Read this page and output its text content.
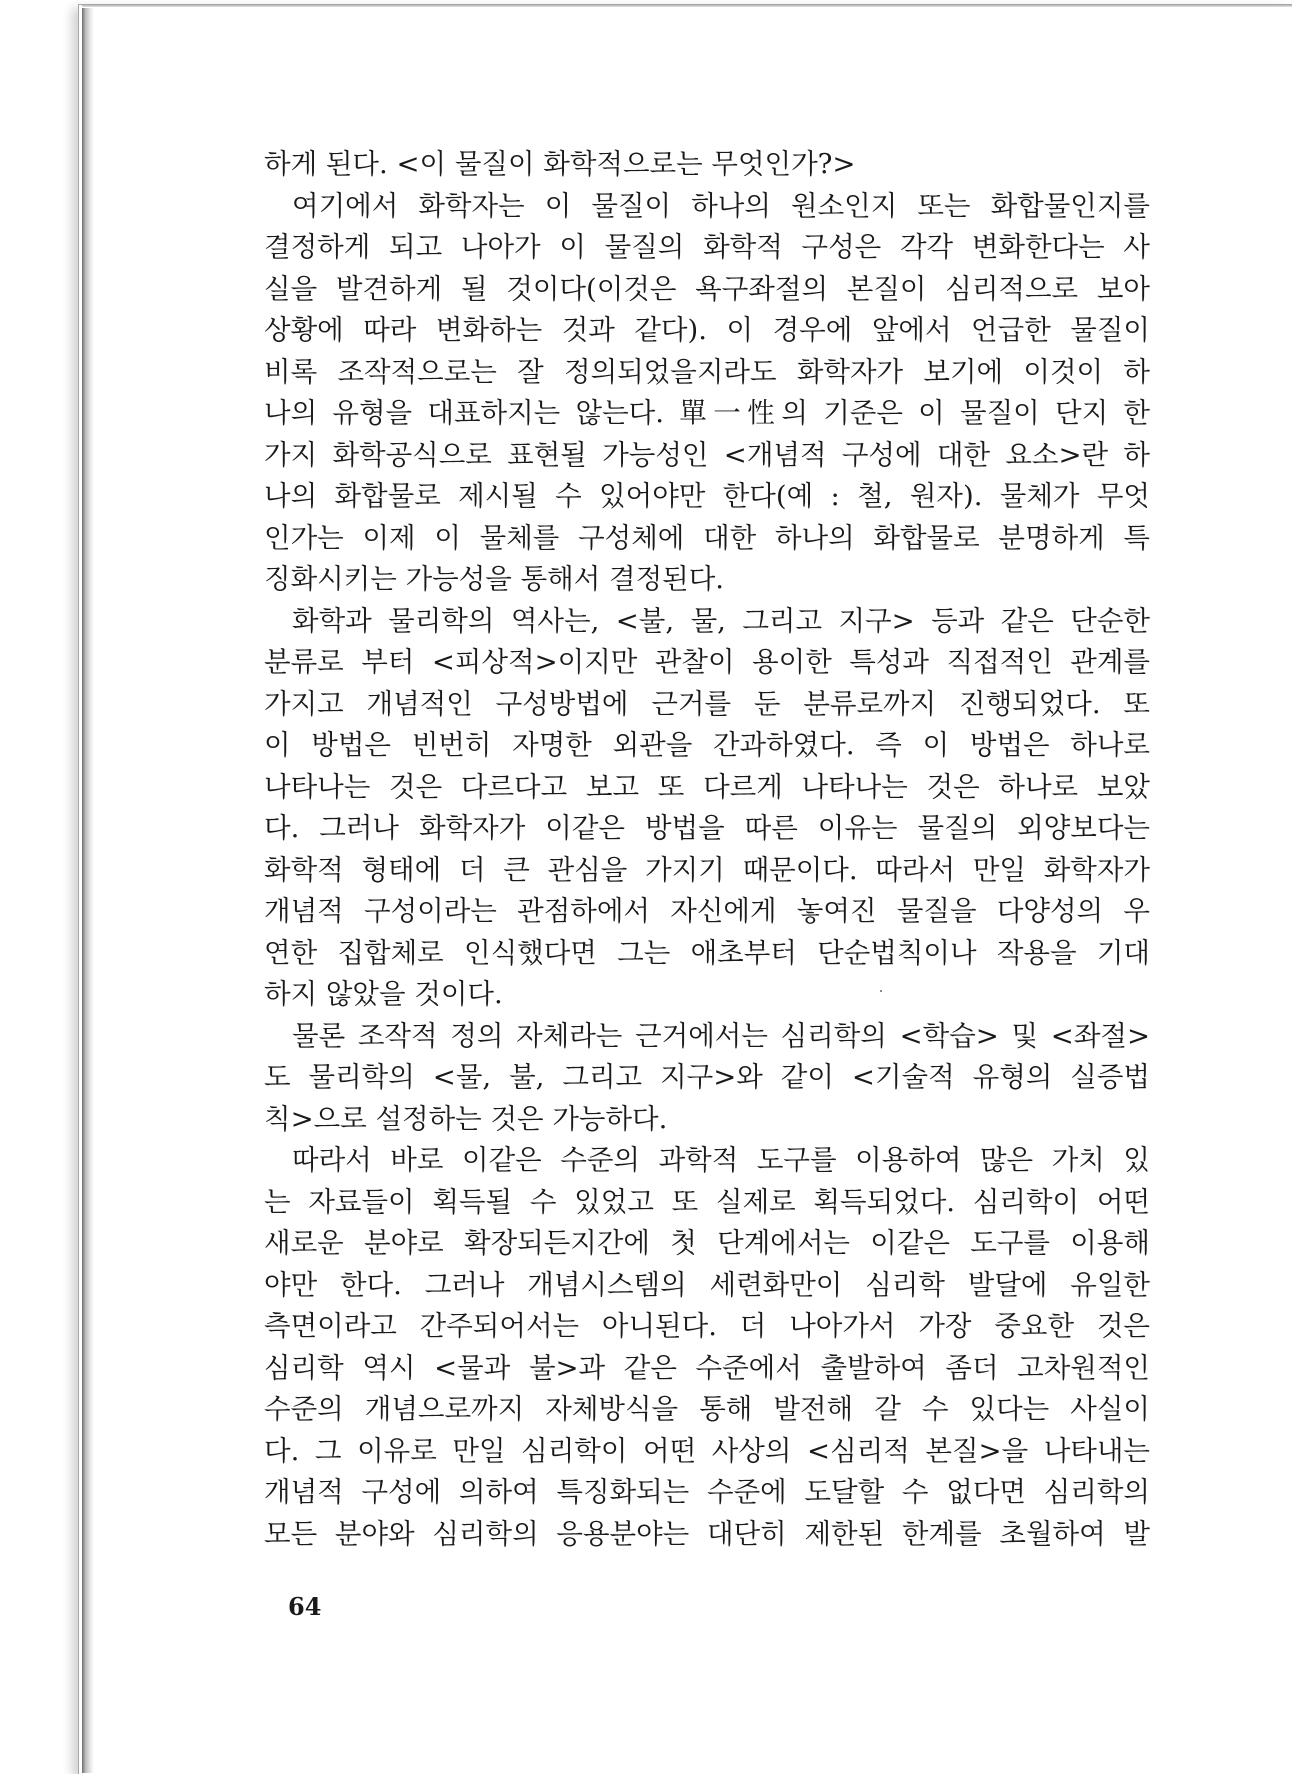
하게 된다. <이 물질이 화학적으로는 무엇인가?>
여기에서 화학자는 이 물질이 하나의 원소인지 또는 화합물인지를
결정하게 되고 나아가 이 물질의 화학적 구성은 각각 변화한다는 사
실을 발견하게 될 것이다(이것은 욕구좌절의 본질이 심리적으로 보아
상황에 따라 변화하는 것과 같다). 이 경우에 앞에서 언급한 물질이
비록 조작적으로는 잘 정의되었을지라도 화학자가 보기에 이것이 하
나의 유형을 대표하지는 않는다. 單一性의 기준은 이 물질이 단지 한
가지 화학공식으로 표현될 가능성인 <개념적 구성에 대한 요소>란 하
나의 화합물로 제시될 수 있어야만 한다(예 : 철, 원자). 물체가 무엇
인가는 이제 이 물체를 구성체에 대한 하나의 화합물로 분명하게 특
징화시키는 가능성을 통해서 결정된다.
화학과 물리학의 역사는, <불, 물, 그리고 지구> 등과 같은 단순한
분류로 부터 <피상적>이지만 관찰이 용이한 특성과 직접적인 관계를
가지고 개념적인 구성방법에 근거를 둔 분류로까지 진행되었다. 또
이 방법은 빈번히 자명한 외관을 간과하였다. 즉 이 방법은 하나로
나타나는 것은 다르다고 보고 또 다르게 나타나는 것은 하나로 보았
다. 그러나 화학자가 이같은 방법을 따른 이유는 물질의 외양보다는
화학적 형태에 더 큰 관심을 가지기 때문이다. 따라서 만일 화학자가
개념적 구성이라는 관점하에서 자신에게 놓여진 물질을 다양성의 우
연한 집합체로 인식했다면 그는 애초부터 단순법칙이나 작용을 기대
하지 않았을 것이다.
물론 조작적 정의 자체라는 근거에서는 심리학의 <학습> 및 <좌절>
도 물리학의 <물, 불, 그리고 지구>와 같이 <기술적 유형의 실증법
칙>으로 설정하는 것은 가능하다.
따라서 바로 이같은 수준의 과학적 도구를 이용하여 많은 가치 있
는 자료들이 획득될 수 있었고 또 실제로 획득되었다. 심리학이 어떤
새로운 분야로 확장되든지간에 첫 단계에서는 이같은 도구를 이용해
야만 한다. 그러나 개념시스템의 세련화만이 심리학 발달에 유일한
측면이라고 간주되어서는 아니된다. 더 나아가서 가장 중요한 것은
심리학 역시 <물과 불>과 같은 수준에서 출발하여 좀더 고차원적인
수준의 개념으로까지 자체방식을 통해 발전해 갈 수 있다는 사실이
다. 그 이유로 만일 심리학이 어떤 사상의 <심리적 본질>을 나타내는
개념적 구성에 의하여 특징화되는 수준에 도달할 수 없다면 심리학의
모든 분야와 심리학의 응용분야는 대단히 제한된 한계를 초월하여 발
64
